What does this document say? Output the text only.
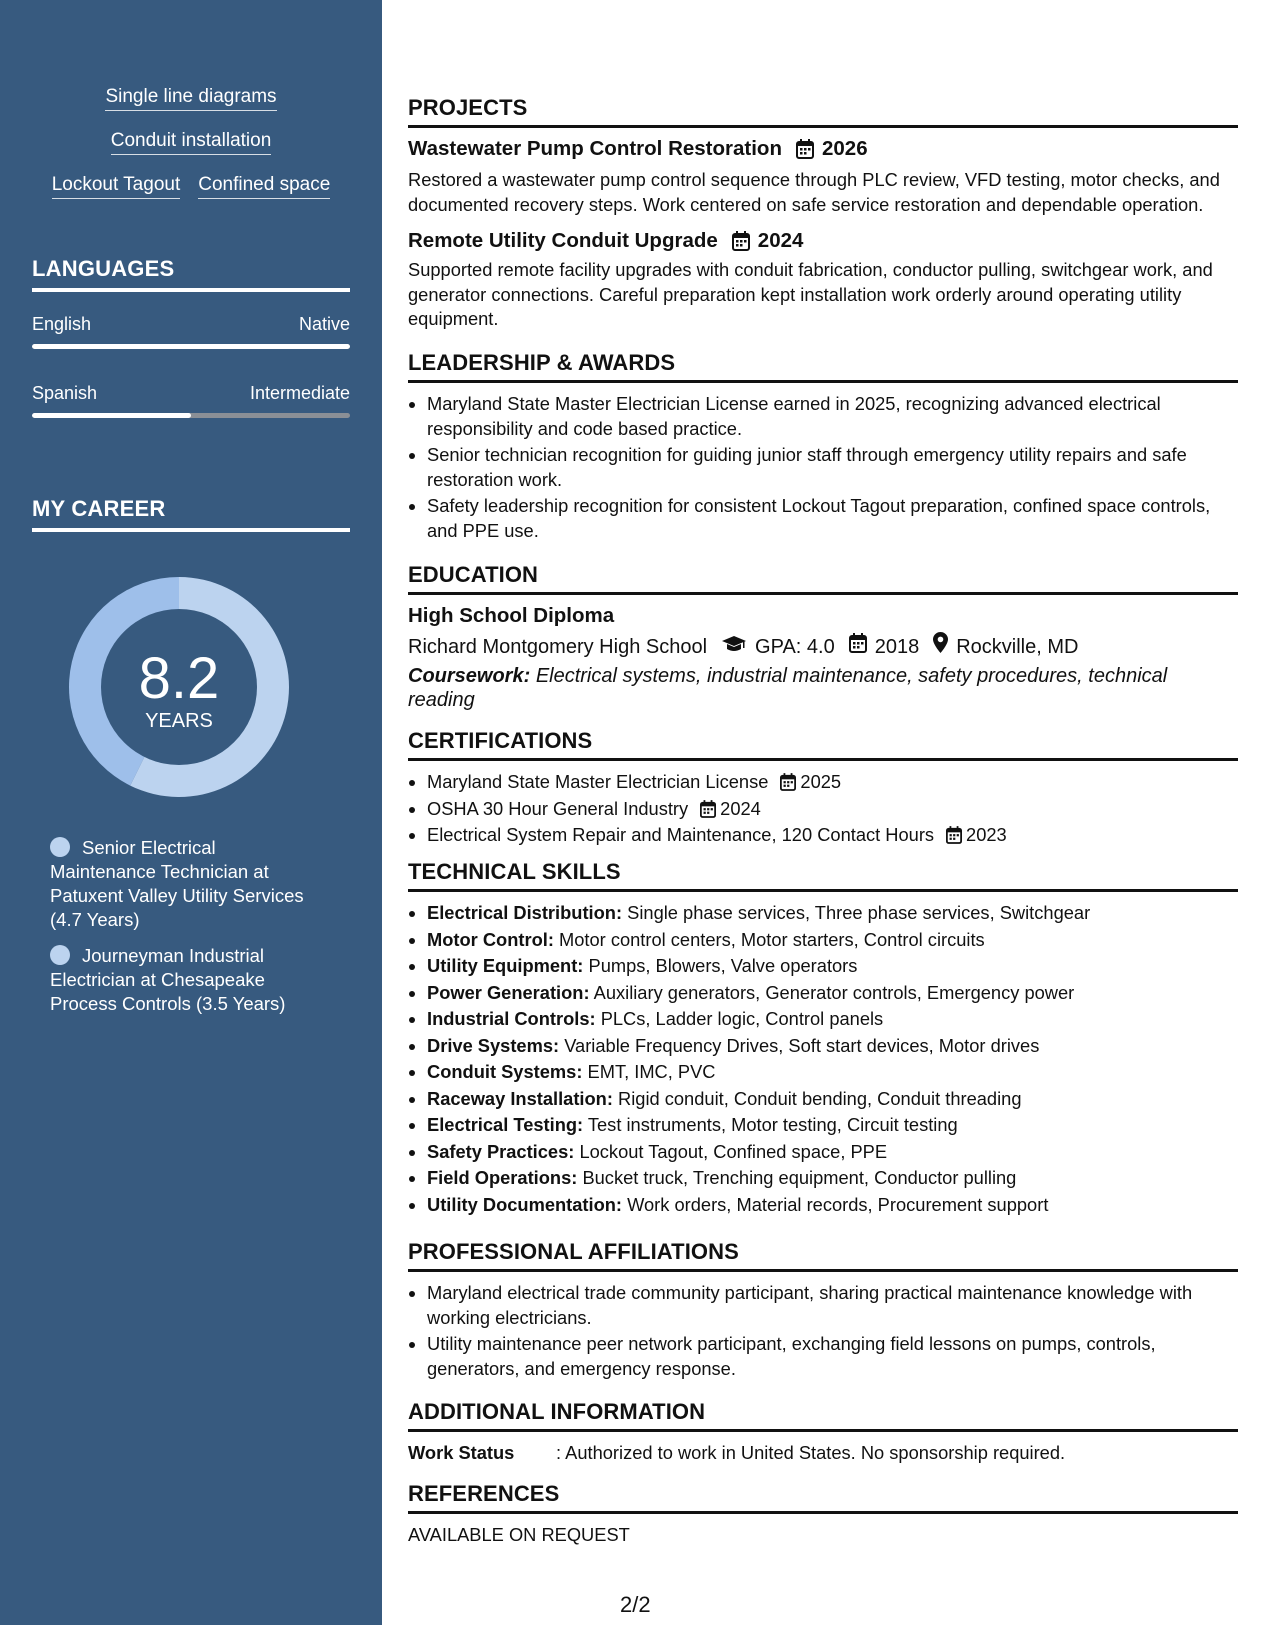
Single line diagrams
Conduit installation
Lockout Tagout Confined space
LANGUAGES
English	Native
Spanish	Intermediate
MY CAREER
8.2
YEARS
Senior Electrical Maintenance Technician at Patuxent Valley Utility Services (4.7 Years)
Journeyman Industrial Electrician at Chesapeake Process Controls (3.5 Years)
PROJECTS
Wastewater Pump Control Restoration 2026
Restored a wastewater pump control sequence through PLC review, VFD testing, motor checks, and documented recovery steps. Work centered on safe service restoration and dependable operation.
Remote Utility Conduit Upgrade 2024
Supported remote facility upgrades with conduit fabrication, conductor pulling, switchgear work, and generator connections. Careful preparation kept installation work orderly around operating utility equipment.
LEADERSHIP & AWARDS
• Maryland State Master Electrician License earned in 2025, recognizing advanced electrical responsibility and code based practice.
• Senior technician recognition for guiding junior staff through emergency utility repairs and safe restoration work.
• Safety leadership recognition for consistent Lockout Tagout preparation, confined space controls, and PPE use.
EDUCATION
High School Diploma
Richard Montgomery High School GPA: 4.0 2018 Rockville, MD
Coursework: Electrical systems, industrial maintenance, safety procedures, technical reading
CERTIFICATIONS
• Maryland State Master Electrician License 2025
• OSHA 30 Hour General Industry 2024
• Electrical System Repair and Maintenance, 120 Contact Hours 2023
TECHNICAL SKILLS
• Electrical Distribution: Single phase services, Three phase services, Switchgear
• Motor Control: Motor control centers, Motor starters, Control circuits
• Utility Equipment: Pumps, Blowers, Valve operators
• Power Generation: Auxiliary generators, Generator controls, Emergency power
• Industrial Controls: PLCs, Ladder logic, Control panels
• Drive Systems: Variable Frequency Drives, Soft start devices, Motor drives
• Conduit Systems: EMT, IMC, PVC
• Raceway Installation: Rigid conduit, Conduit bending, Conduit threading
• Electrical Testing: Test instruments, Motor testing, Circuit testing
• Safety Practices: Lockout Tagout, Confined space, PPE
• Field Operations: Bucket truck, Trenching equipment, Conductor pulling
• Utility Documentation: Work orders, Material records, Procurement support
PROFESSIONAL AFFILIATIONS
• Maryland electrical trade community participant, sharing practical maintenance knowledge with working electricians.
• Utility maintenance peer network participant, exchanging field lessons on pumps, controls, generators, and emergency response.
ADDITIONAL INFORMATION
Work Status	: Authorized to work in United States. No sponsorship required.
REFERENCES
AVAILABLE ON REQUEST
2/2
